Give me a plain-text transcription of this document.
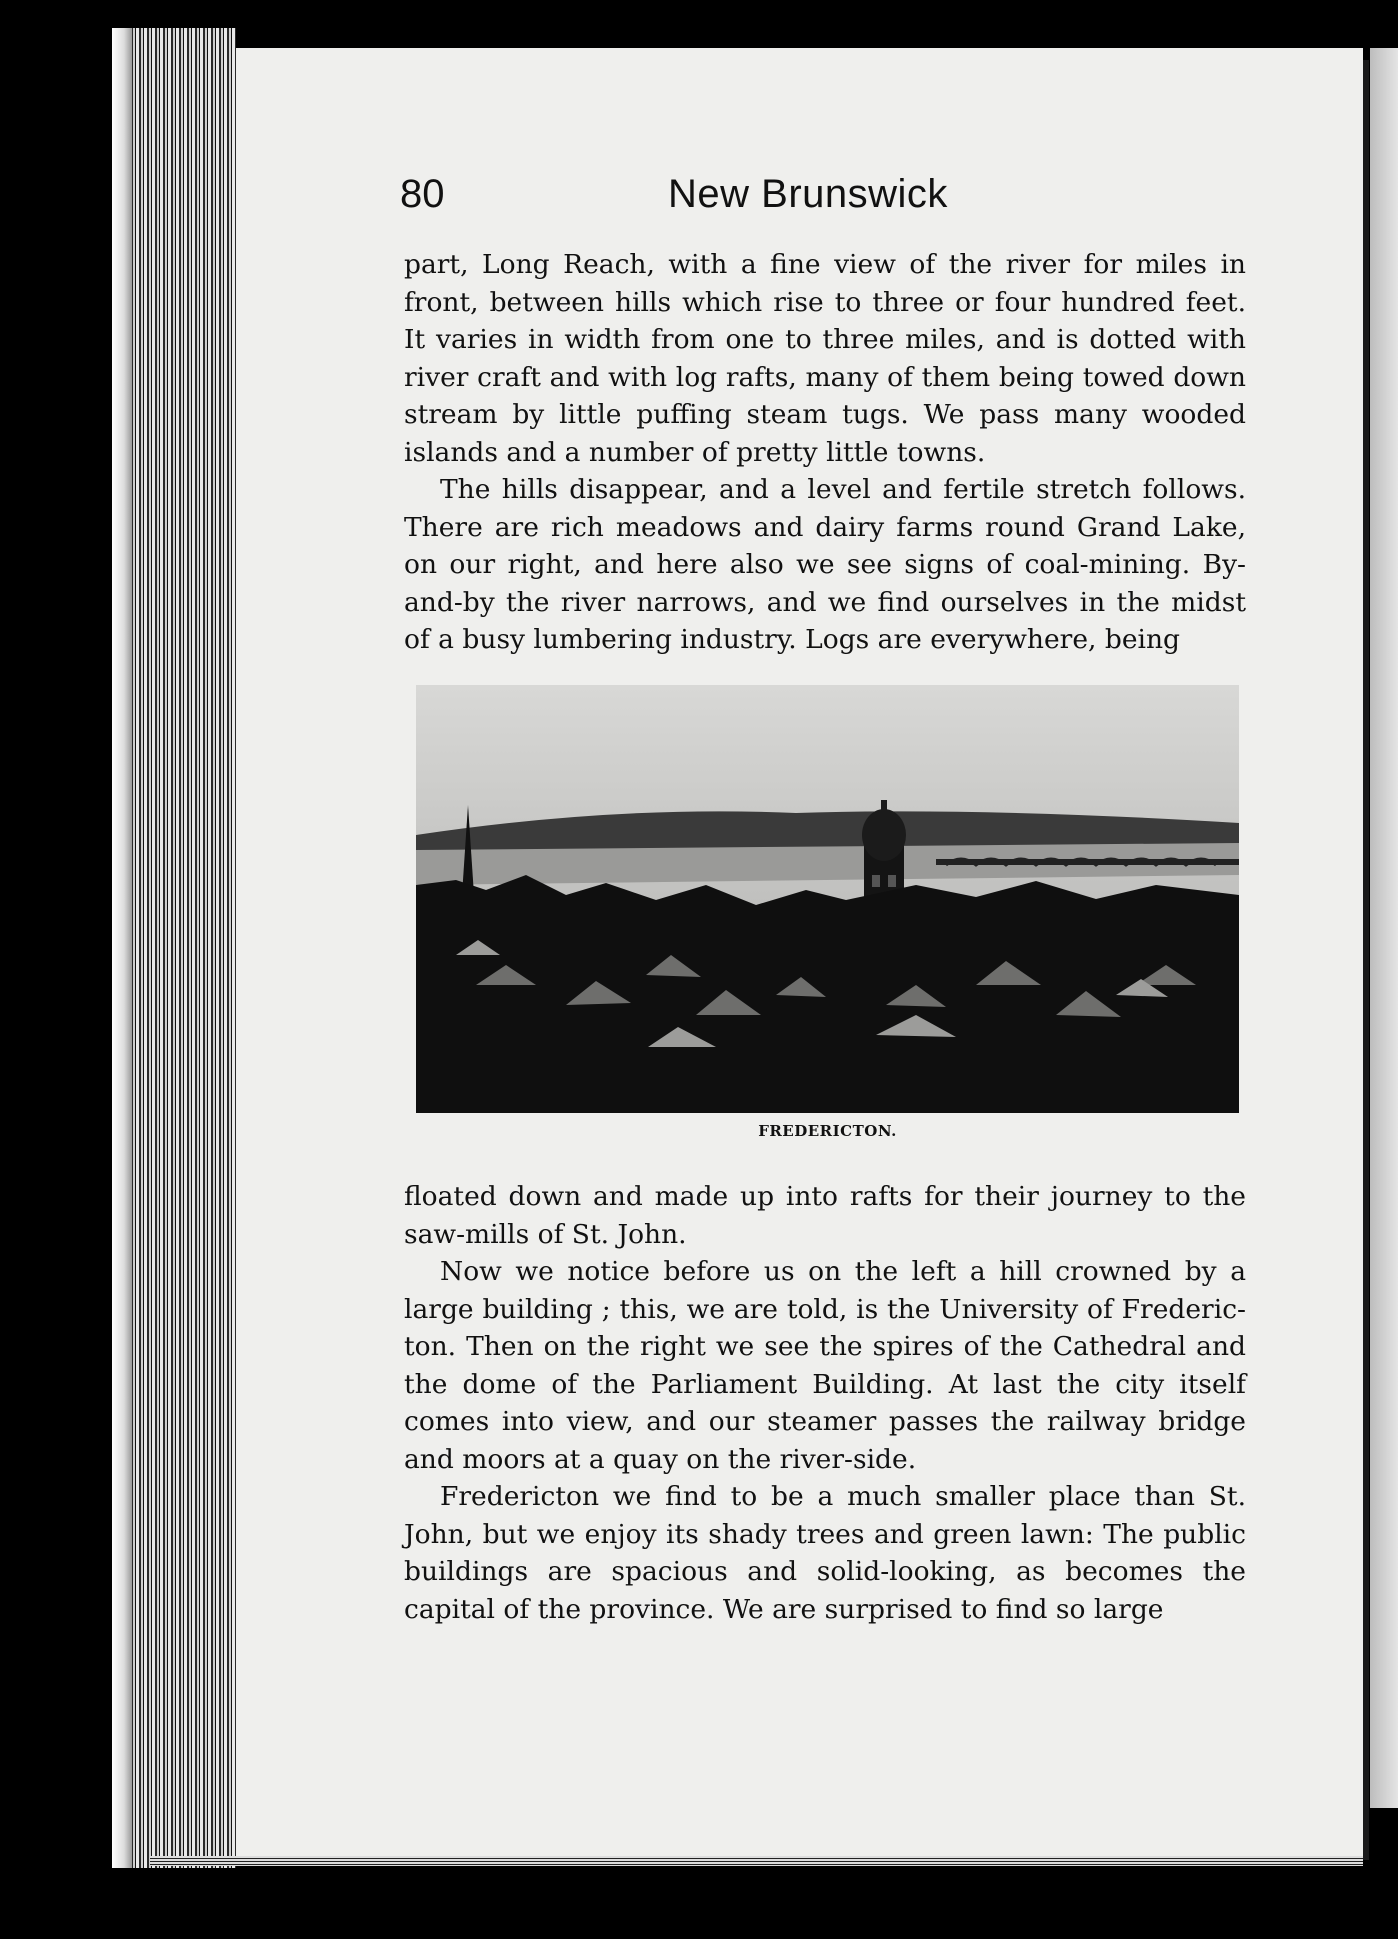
80	New Brunswick

part, Long Reach, with a fine view of the river for miles in front, between hills which rise to three or four hundred feet. It varies in width from one to three miles, and is dotted with river craft and with log rafts, many of them being towed down stream by little puffing steam tugs. We pass many wooded islands and a number of pretty little towns.

The hills disappear, and a level and fertile stretch follows. There are rich meadows and dairy farms round Grand Lake, on our right, and here also we see signs of coal-mining. By-and-by the river narrows, and we find ourselves in the midst of a busy lumbering industry. Logs are everywhere, being

FREDERICTON.

floated down and made up into rafts for their journey to the saw-mills of St. John.

Now we notice before us on the left a hill crowned by a large building ; this, we are told, is the University of Frederic-ton. Then on the right we see the spires of the Cathedral and the dome of the Parliament Building. At last the city itself comes into view, and our steamer passes the railway bridge and moors at a quay on the river-side.

Fredericton we find to be a much smaller place than St. John, but we enjoy its shady trees and green lawn: The public buildings are spacious and solid-looking, as becomes the capital of the province. We are surprised to find so large
